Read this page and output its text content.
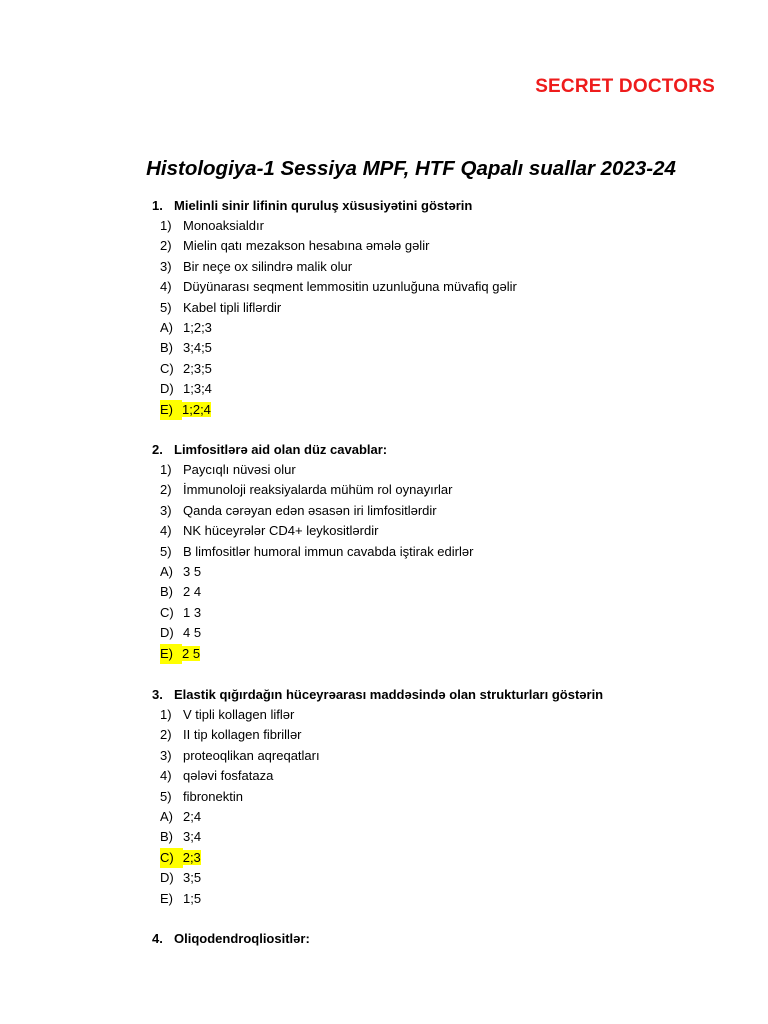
SECRET DOCTORS
Histologiya-1 Sessiya MPF, HTF Qapalı suallar 2023-24
1. Mielinli sinir lifinin quruluş xüsusiyətini göstərin
1) Monoaksialdır
2) Mielin qatı mezakson hesabına əmələ gəlir
3) Bir neçe ox silindrə malik olur
4) Düyünarası seqment lemmositin uzunluğuna müvafiq gəlir
5) Kabel tipli liflərdir
A) 1;2;3
B) 3;4;5
C) 2;3;5
D) 1;3;4
E) 1;2;4
2. Limfositlərə aid olan düz cavablar:
1) Paycıqlı nüvəsi olur
2) İmmunoloji reaksiyalarda mühüm rol oynayırlar
3) Qanda cərəyan edən əsasən iri limfositlərdir
4) NK hüceyrələr CD4+ leykositlərdir
5) B limfositlər humoral immun cavabda iştirak edirlər
A) 3 5
B) 2 4
C) 1 3
D) 4 5
E) 2 5
3. Elastik qığırdağın hüceyrəarası maddəsində olan strukturları göstərin
1) V tipli kollagen liflər
2) II tip kollagen fibrillər
3) proteoqlikan aqreqatları
4) qələvi fosfataza
5) fibronektin
A) 2;4
B) 3;4
C) 2;3
D) 3;5
E) 1;5
4. Oliqodendroqliositlər:
